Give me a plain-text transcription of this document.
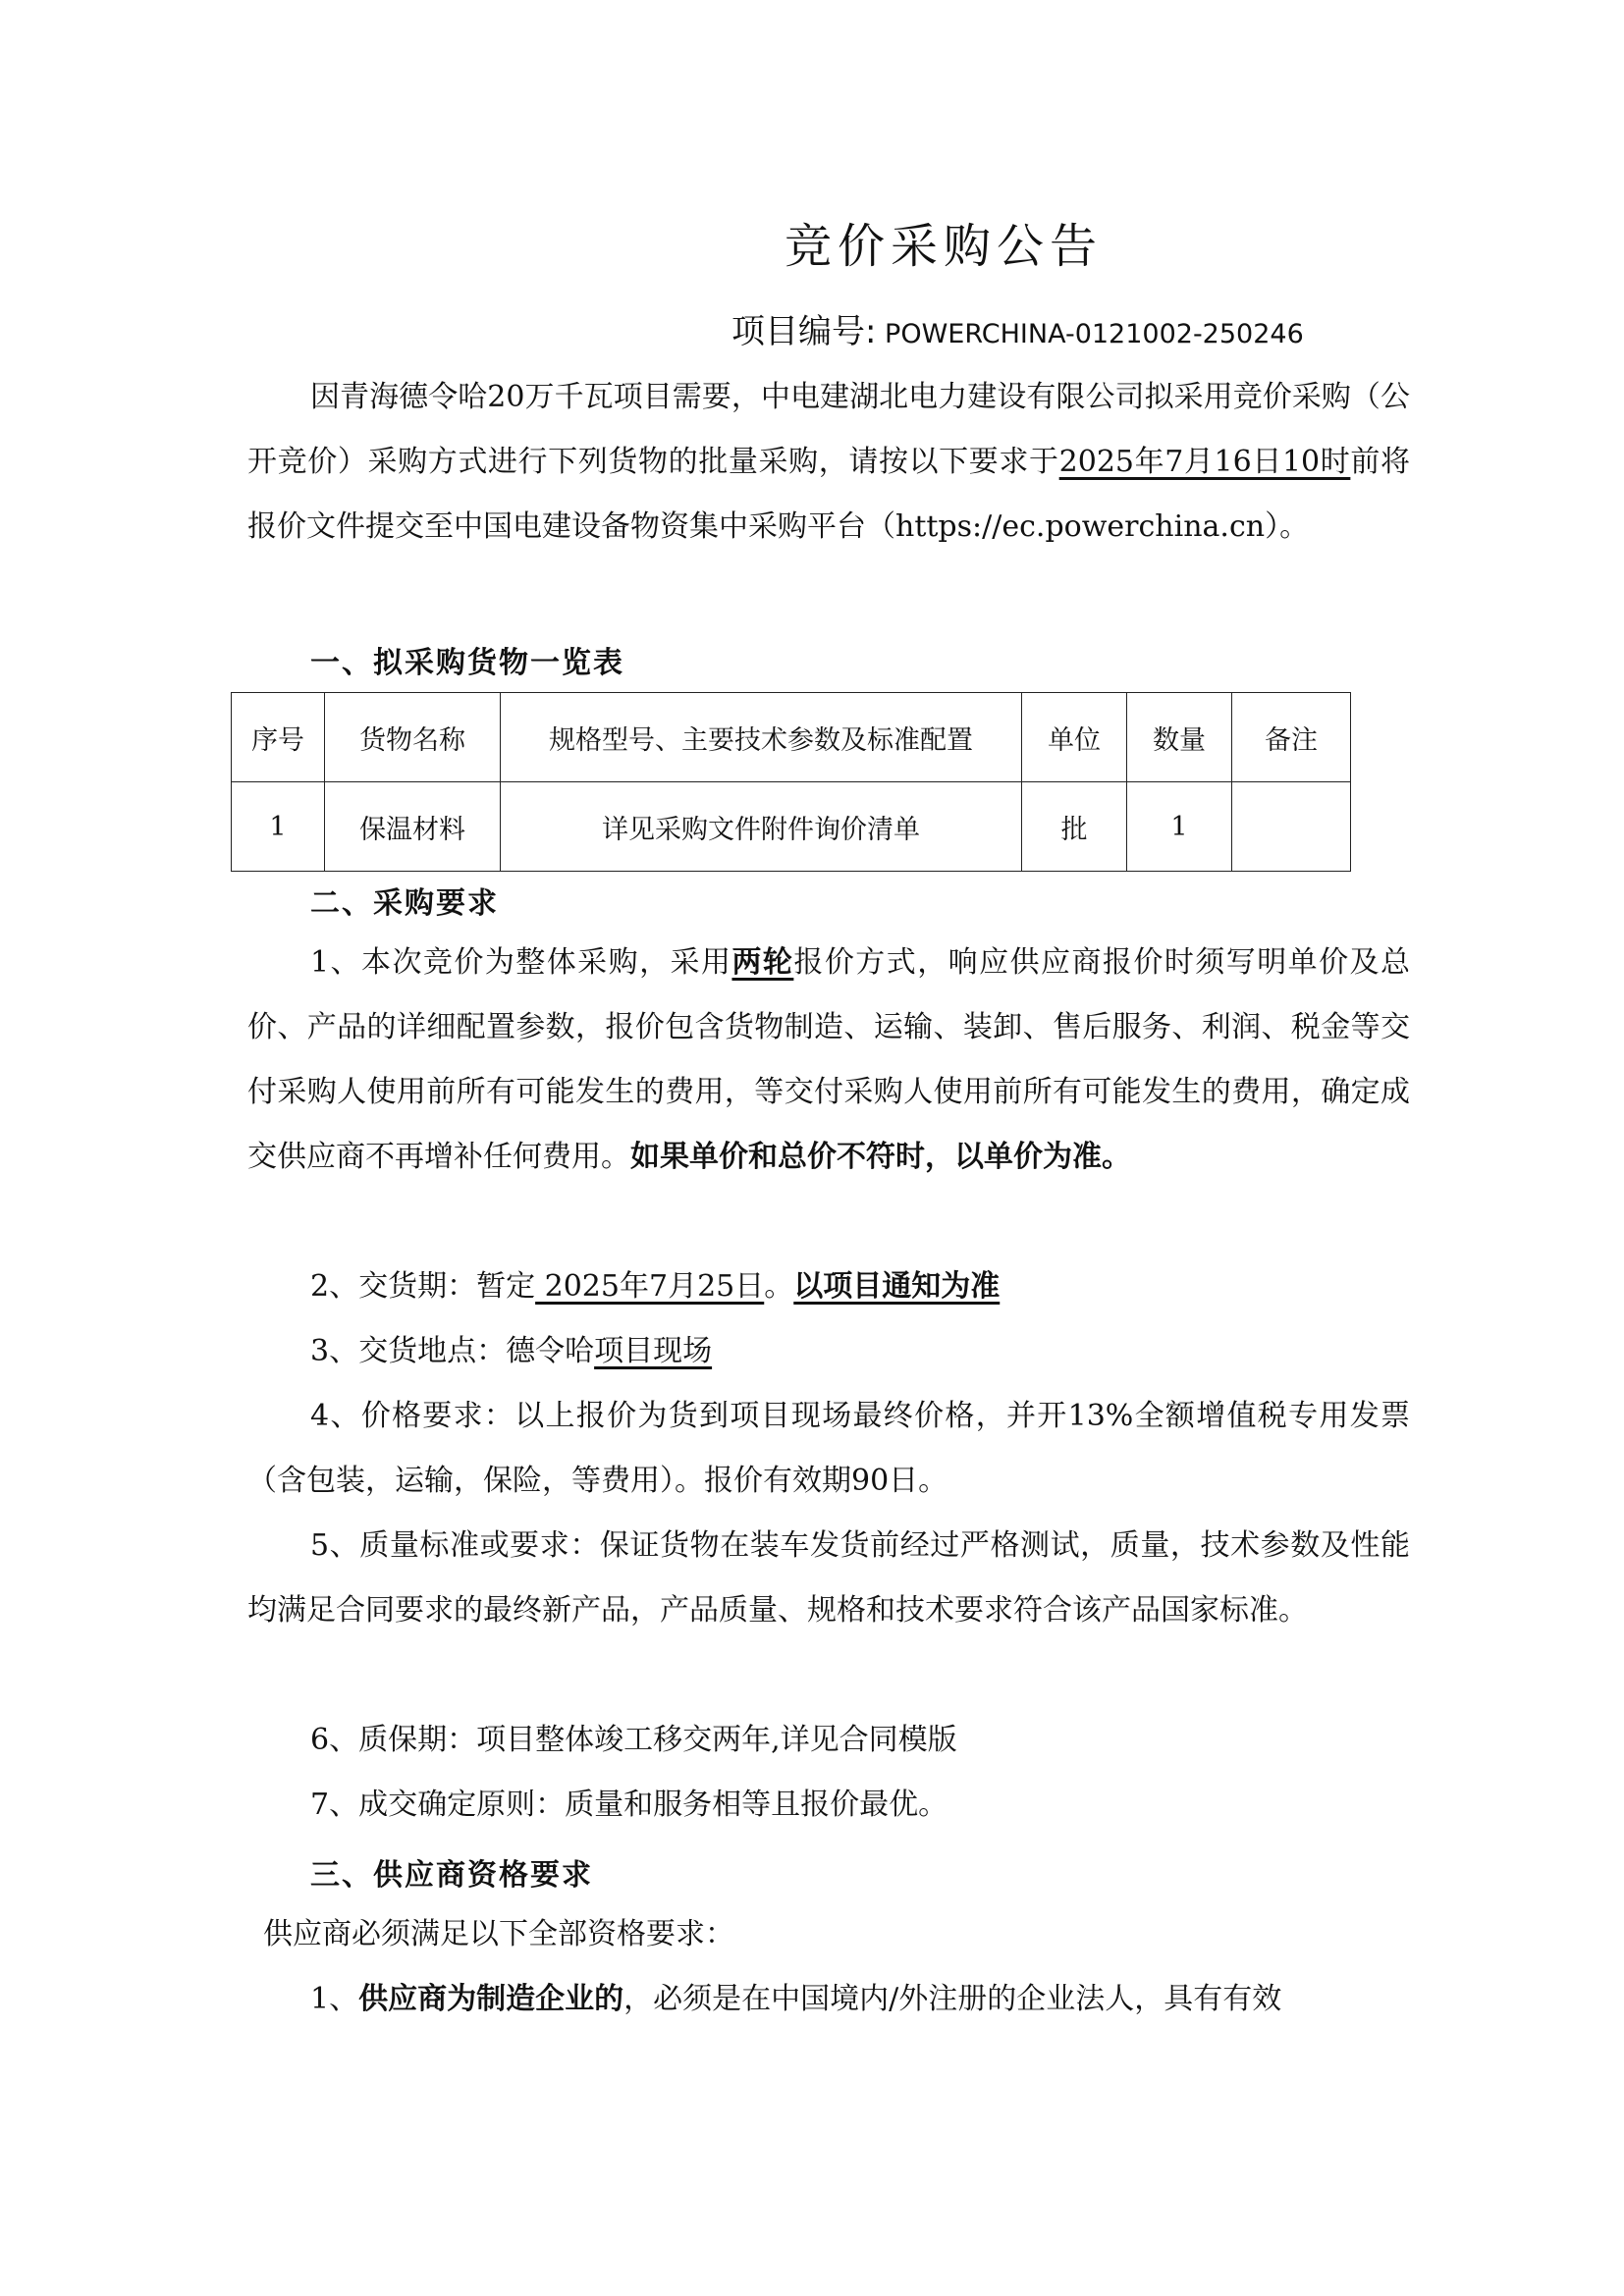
竞价采购公告
项目编号: POWERCHINA-0121002-250246

因青海德令哈20万千瓦项目需要，中电建湖北电力建设有限公司拟采用竞价采购（公开竞价）采购方式进行下列货物的批量采购，请按以下要求于2025年7月16日10时前将报价文件提交至中国电建设备物资集中采购平台（https://ec.powerchina.cn）。

一、拟采购货物一览表

序号	货物名称	规格型号、主要技术参数及标准配置	单位	数量	备注
1	保温材料	详见采购文件附件询价清单	批	1	

二、采购要求

1、本次竞价为整体采购，采用两轮报价方式，响应供应商报价时须写明单价及总价、产品的详细配置参数，报价包含货物制造、运输、装卸、售后服务、利润、税金等交付采购人使用前所有可能发生的费用，等交付采购人使用前所有可能发生的费用，确定成交供应商不再增补任何费用。如果单价和总价不符时，以单价为准。

2、交货期：暂定 2025年7月25日。以项目通知为准

3、交货地点：德令哈项目现场

4、价格要求：以上报价为货到项目现场最终价格，并开13%全额增值税专用发票（含包装，运输，保险，等费用）。报价有效期90日。

5、质量标准或要求：保证货物在装车发货前经过严格测试，质量，技术参数及性能均满足合同要求的最终新产品，产品质量、规格和技术要求符合该产品国家标准。

6、质保期：项目整体竣工移交两年,详见合同模版

7、成交确定原则：质量和服务相等且报价最优。

三、供应商资格要求

供应商必须满足以下全部资格要求：

1、供应商为制造企业的，必须是在中国境内/外注册的企业法人，具有有效
